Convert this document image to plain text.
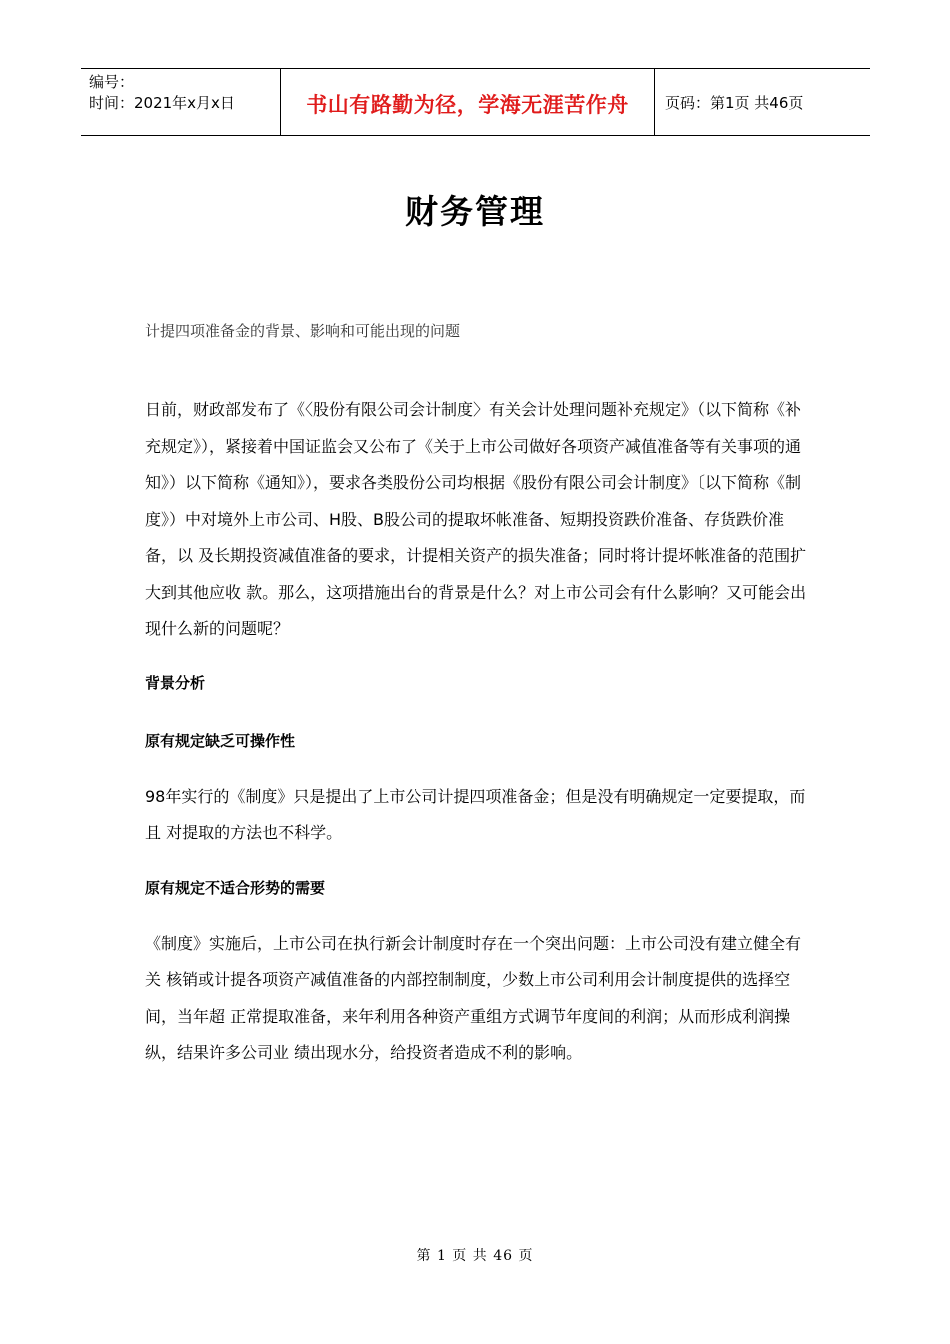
编号：
时间：2021年x月x日	书山有路勤为径，学海无涯苦作舟 页码：第1页 共46页
财务管理
计提四项准备金的背景、影响和可能出现的问题

日前，财政部发布了《〈股份有限公司会计制度〉有关会计处理问题补充规定》（以下简称《补 充规定》），紧接着中国证监会又公布了《关于上市公司做好各项资产减值准备等有关事项的通 知》）以下简称《通知》），要求各类股份公司均根据《股份有限公司会计制度》〔以下简称《制 度》）中对境外上市公司、H股、B股公司的提取坏帐准备、短期投资跌价准备、存货跌价准备，以 及长期投资减值准备的要求，计提相关资产的损失准备；同时将计提坏帐准备的范围扩大到其他应收 款。那么，这项措施出台的背景是什么？对上市公司会有什么影响？又可能会出现什么新的问题呢？

背景分析

原有规定缺乏可操作性

98年实行的《制度》只是提出了上市公司计提四项准备金；但是没有明确规定一定要提取，而且 对提取的方法也不科学。

原有规定不适合形势的需要

《制度》实施后，上市公司在执行新会计制度时存在一个突出问题：上市公司没有建立健全有关 核销或计提各项资产减值准备的内部控制制度，少数上市公司利用会计制度提供的选择空间，当年超 正常提取准备，来年利用各种资产重组方式调节年度间的利润；从而形成利润操纵，结果许多公司业 绩出现水分，给投资者造成不利的影响。

第 1 页 共 46 页
